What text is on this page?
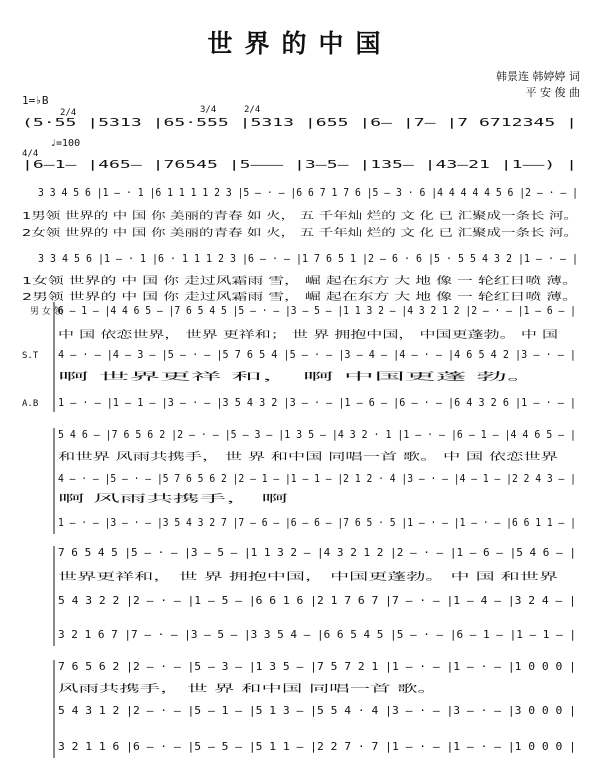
世界的中国
韩景连 韩婷婷 词
平 安 俊 曲
1=♭B
2/4	3/4	2/4
(5·55 |5313 |65·555 |5313 |655 |6— |7— |7 6712345 |
♩=100
4/4
|6—1— |465— |76545 |5——— |3—5— |135— |43—21 |1——) |
3 3 4 5 6 |1 — · 1 |6 1 1 1 1 2 3 |5 — · — |6 6 7 1 7 6 |5 — 3 · 6 |4 4 4 4 4 5 6 |2 — · — |
1男领 世界的 中 国 你 美丽的青春 如 火， 五 千年灿 烂的 文 化 已 汇聚成一条长 河。
2女领 世界的 中 国 你 美丽的青春 如 火， 五 千年灿 烂的 文 化 已 汇聚成一条长 河。
3 3 4 5 6 |1 — · 1 |6 · 1 1 1 2 3 |6 — · — |1 7 6 5 1 |2 — 6 · 6 |5 · 5 5 4 3 2 |1 — · — |
1女领 世界的 中 国 你 走过风霜雨 雪， 崛 起在东方 大 地 像 一 轮红日喷 薄。
2男领 世界的 中 国 你 走过风霜雨 雪， 崛 起在东方 大 地 像 一 轮红日喷 薄。
男 女 领
6 — 1 — |4 4 6 5 — |7 6 5 4 5 |5 — · — |3 — 5 — |1 1 3 2 — |4 3 2 1 2 |2 — · — |1 — 6 — |
中 国 依恋世界， 世界 更祥和； 世 界 拥抱中国， 中国更蓬勃。 中 国
S.T 4 — · — |4 — 3 — |5 — · — |5 7 6 5 4 |5 — · — |3 — 4 — |4 — · — |4 6 5 4 2 |3 — · — |
啊 世界更祥 和， 啊 中国更蓬 勃。
A.B 1 — · — |1 — 1 — |3 — · — |3 5 4 3 2 |3 — · — |1 — 6 — |6 — · — |6 4 3 2 6 |1 — · — |
5 4 6 — |7 6 5 6 2 |2 — · — |5 — 3 — |1 3 5 — |4 3 2 · 1 |1 — · — |6 — 1 — |4 4 6 5 — |
和世界 风雨共携手， 世 界 和中国 同唱一首 歌。 中 国 依恋世界
4 — · — |5 — · — |5 7 6 5 6 2 |2 — 1 — |1 — 1 — |2 1 2 · 4 |3 — · — |4 — 1 — |2 2 4 3 — |
啊 风雨共携手， 啊
1 — · — |3 — · — |3 5 4 3 2 7 |7 — 6 — |6 — 6 — |7 6 5 · 5 |1 — · — |1 — · — |6 6 1 1 — |
7 6 5 4 5 |5 — · — |3 — 5 — |1 1 3 2 — |4 3 2 1 2 |2 — · — |1 — 6 — |5 4 6 — |
世界更祥和， 世 界 拥抱中国， 中国更蓬勃。 中 国 和世界
5 4 3 2 2 |2 — · — |1 — 5 — |6 6 1 6 |2 1 7 6 7 |7 — · — |1 — 4 — |3 2 4 — |
3 2 1 6 7 |7 — · — |3 — 5 — |3 3 5 4 — |6 6 5 4 5 |5 — · — |6 — 1 — |1 — 1 — |
7 6 5 6 2 |2 — · — |5 — 3 — |1 3 5 — |7 5 7 2 1 |1 — · — |1 — · — |1 0 0 0 |
风雨共携手， 世 界 和中国 同唱一首 歌。
5 4 3 1 2 |2 — · — |5 — 1 — |5 1 3 — |5 5 4 · 4 |3 — · — |3 — · — |3 0 0 0 |
3 2 1 1 6 |6 — · — |5 — 5 — |5 1 1 — |2 2 7 · 7 |1 — · — |1 — · — |1 0 0 0 |
